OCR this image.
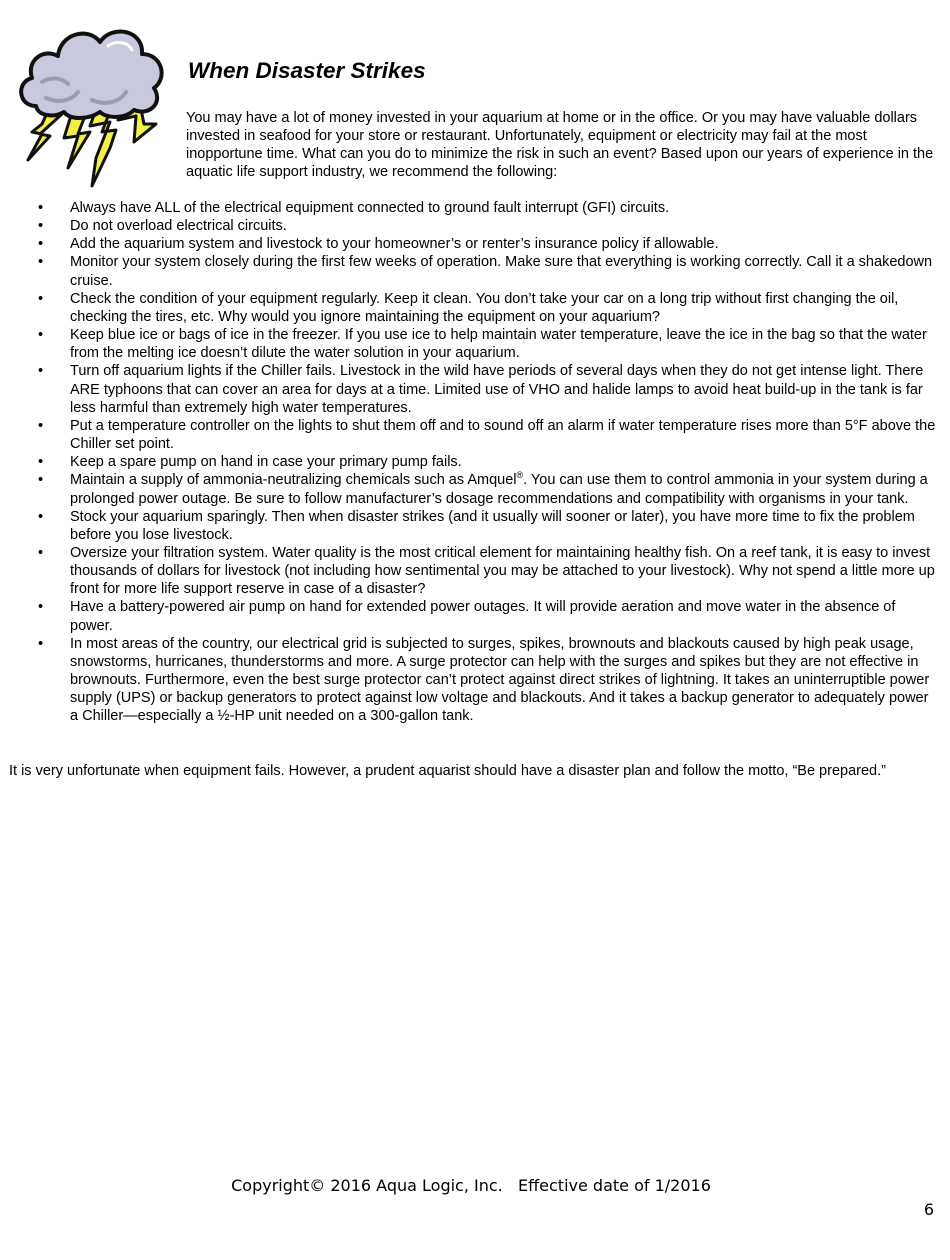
When Disaster Strikes

You may have a lot of money invested in your aquarium at home or in the office. Or you may have valuable dollars invested in seafood for your store or restaurant. Unfortunately, equipment or electricity may fail at the most inopportune time. What can you do to minimize the risk in such an event? Based upon our years of experience in the aquatic life support industry, we recommend the following:

• Always have ALL of the electrical equipment connected to ground fault interrupt (GFI) circuits.
• Do not overload electrical circuits.
• Add the aquarium system and livestock to your homeowner’s or renter’s insurance policy if allowable.
• Monitor your system closely during the first few weeks of operation. Make sure that everything is working correctly. Call it a shakedown cruise.
• Check the condition of your equipment regularly. Keep it clean. You don’t take your car on a long trip without first changing the oil, checking the tires, etc. Why would you ignore maintaining the equipment on your aquarium?
• Keep blue ice or bags of ice in the freezer. If you use ice to help maintain water temperature, leave the ice in the bag so that the water from the melting ice doesn’t dilute the water solution in your aquarium.
• Turn off aquarium lights if the Chiller fails. Livestock in the wild have periods of several days when they do not get intense light. There ARE typhoons that can cover an area for days at a time. Limited use of VHO and halide lamps to avoid heat build-up in the tank is far less harmful than extremely high water temperatures.
• Put a temperature controller on the lights to shut them off and to sound off an alarm if water temperature rises more than 5°F above the Chiller set point.
• Keep a spare pump on hand in case your primary pump fails.
• Maintain a supply of ammonia-neutralizing chemicals such as Amquel®. You can use them to control ammonia in your system during a prolonged power outage. Be sure to follow manufacturer’s dosage recommendations and compatibility with organisms in your tank.
• Stock your aquarium sparingly. Then when disaster strikes (and it usually will sooner or later), you have more time to fix the problem before you lose livestock.
• Oversize your filtration system. Water quality is the most critical element for maintaining healthy fish. On a reef tank, it is easy to invest thousands of dollars for livestock (not including how sentimental you may be attached to your livestock). Why not spend a little more up front for more life support reserve in case of a disaster?
• Have a battery-powered air pump on hand for extended power outages. It will provide aeration and move water in the absence of power.
• In most areas of the country, our electrical grid is subjected to surges, spikes, brownouts and blackouts caused by high peak usage, snowstorms, hurricanes, thunderstorms and more. A surge protector can help with the surges and spikes but they are not effective in brownouts. Furthermore, even the best surge protector can’t protect against direct strikes of lightning. It takes an uninterruptible power supply (UPS) or backup generators to protect against low voltage and blackouts. And it takes a backup generator to adequately power a Chiller—especially a ½-HP unit needed on a 300-gallon tank.

It is very unfortunate when equipment fails. However, a prudent aquarist should have a disaster plan and follow the motto, “Be prepared.”

Copyright© 2016 Aqua Logic, Inc.   Effective date of 1/2016

6
